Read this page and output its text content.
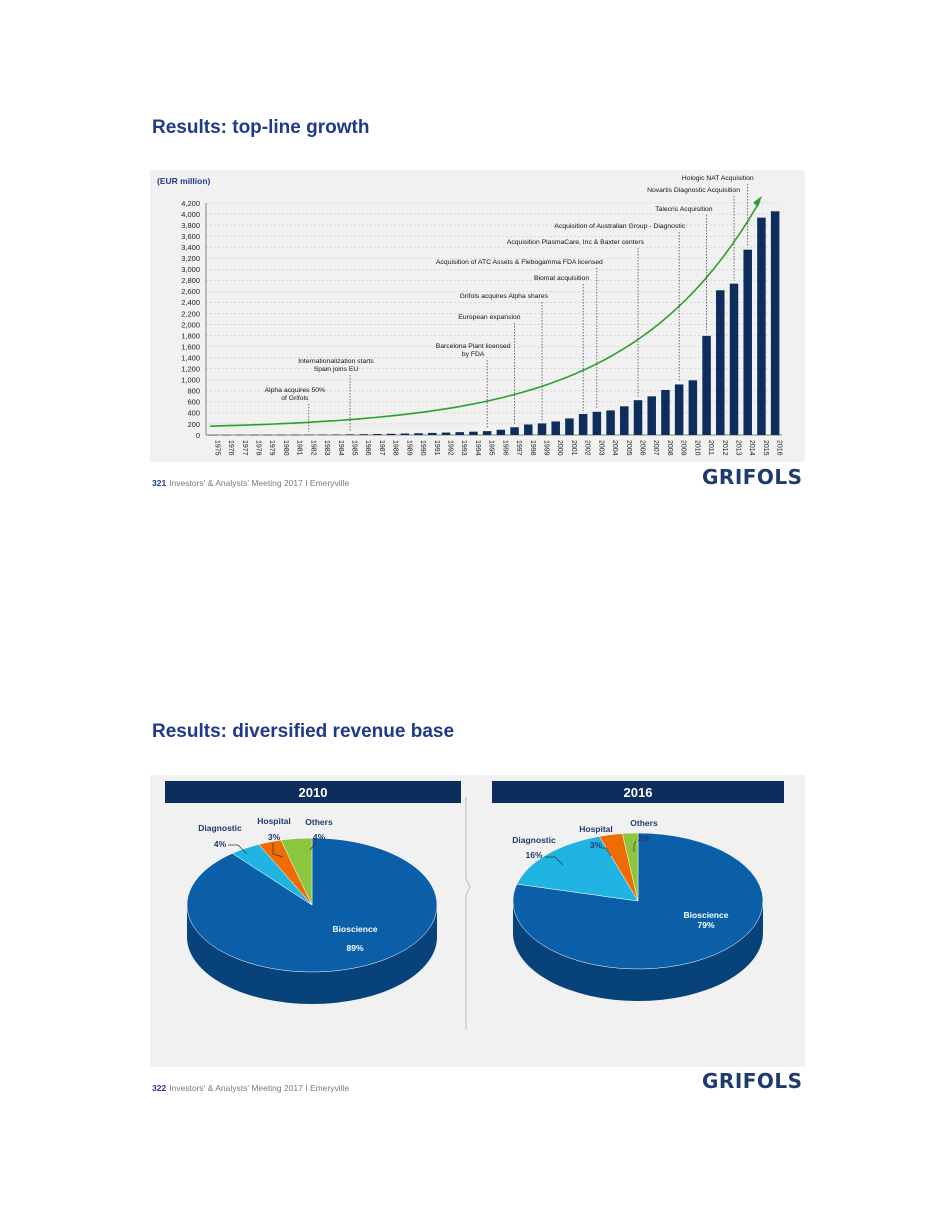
Results: top-line growth
(EUR million)
0
200
400
600
800
1,000
1,200
1,400
1,600
1,800
2,000
2,200
2,400
2,600
2,800
3,000
3,200
3,400
3,600
3,800
4,000
4,200
1975 1976 1977 1978 1979 1980 1981 1982 1983 1984 1985 1986 1987 1988 1989 1990 1991 1992 1993 1994 1995 1996 1997 1998 1999 2000 2001 2002 2003 2004 2005 2006 2007 2008 2009 2010 2011 2012 2013 2014 2015 2016
Alpha acquires 50%
of Grifols
Internationalization starts
Spain joins EU
Barcelona Plant licensed
by FDA
European expansion
Grifols acquires Alpha shares
Biomat acquisition
Acquisition of ATC Assets & Flebogamma FDA licensed
Acquisition PlasmaCare, Inc & Baxter centers
Acquisition of Australian Group - Diagnostic
Talecris Acquisition
Novartis Diagnostic Acquisition
Hologic NAT Acquisition
321 Investors' & Analysts' Meeting 2017 I Emeryville	GRIFOLS
Results: diversified revenue base
2010
Bioscience
89%
Diagnostic
4%
Hospital
3%
Others
4%
2016
Bioscience
79%
Diagnostic
16%
Hospital
3%
Others
2%
322 Investors' & Analysts' Meeting 2017 I Emeryville	GRIFOLS
